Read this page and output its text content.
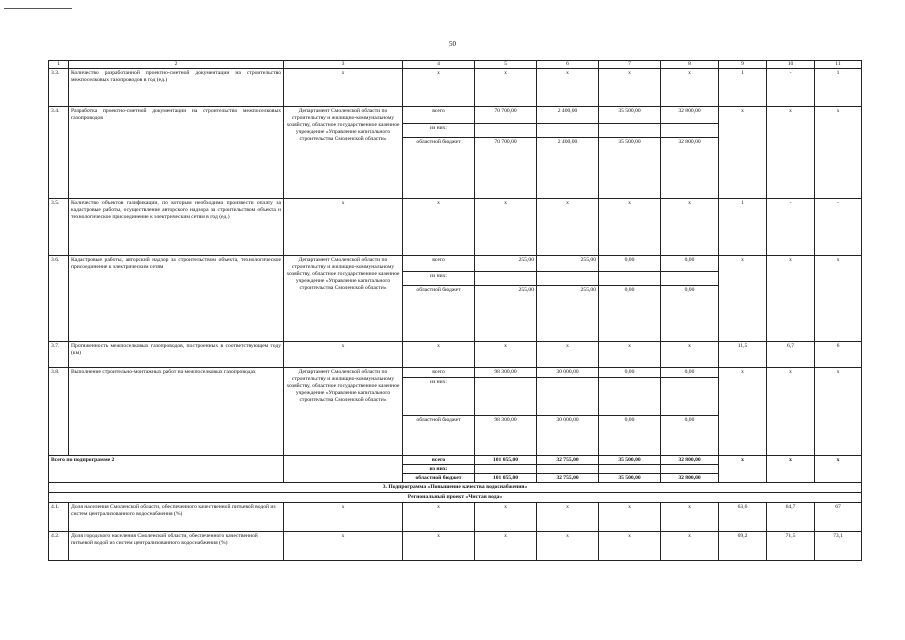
50
1	2	3	4	5	6	7	8	9	10	11
3.3.	Количество разработанной проектно-сметной документации на строительство межпоселковых газопроводов в год (ед.)	x	x	x	x	x	x	1	-	1
3.4.	Разработка проектно-сметной документации на строительство межпоселковых газопроводов	Департамент Смоленской области по строительству и жилищно-коммунальному хозяйству, областное государственное казенное учреждение «Управление капитального строительства Смоленской области»	всего	70 700,00	2 400,00	35 500,00	32 800,00	x	x	x
			из них:							
			областной бюджет	70 700,00	2 400,00	35 500,00	32 800,00			
3.5.	Количество объектов газификации, по которым необходимо произвести оплату за кадастровые работы, осуществление авторского надзора за строительством объекта и технологическое присоединение к электрическим сетям в год (ед.)	x	x	x	x	x	x	1	-	-
3.6.	Кадастровые работы, авторский надзор за строительством объекта, технологическое присоединение к электрическим сетям	Департамент Смоленской области по строительству и жилищно-коммунальному хозяйству, областное государственное казенное учреждение «Управление капитального строительства Смоленской области»	всего	255,00	255,00	0,00	0,00	x	x	x
			из них:							
			областной бюджет	255,00	255,00	0,00	0,00			
3.7.	Протяженность межпоселковых газопроводов, построенных в соответствующем году (км)	x	x	x	x	x	x	11,5	6,7	6
3.8.	Выполнение строительно-монтажных работ на межпоселковых газопроводах	Департамент Смоленской области по строительству и жилищно-коммунальному хозяйству, областное государственное казенное учреждение «Управление капитального строительства Смоленской области»	всего	98 300,00	30 000,00	0,00	0,00	x	x	x
			из них:							
			областной бюджет	98 300,00	30 000,00	0,00	0,00			
Всего по подпрограмме 2			всего	101 055,00	32 755,00	35 500,00	32 800,00	x	x	x
			из них:							
			областной бюджет	101 055,00	32 755,00	35 500,00	32 800,00			
3. Подпрограмма «Повышение качества водоснабжения»										
Региональный проект «Чистая вода»										
4.1.	Доля населения Смоленской области, обеспеченного качественной питьевой водой из систем централизованного водоснабжения (%)	x	x	x	x	x	x	63,6	64,7	67
4.2.	Доля городского населения Смоленской области, обеспеченного качественной питьевой водой из систем централизованного водоснабжения (%)	x	x	x	x	x	x	69,2	71,5	73,1
